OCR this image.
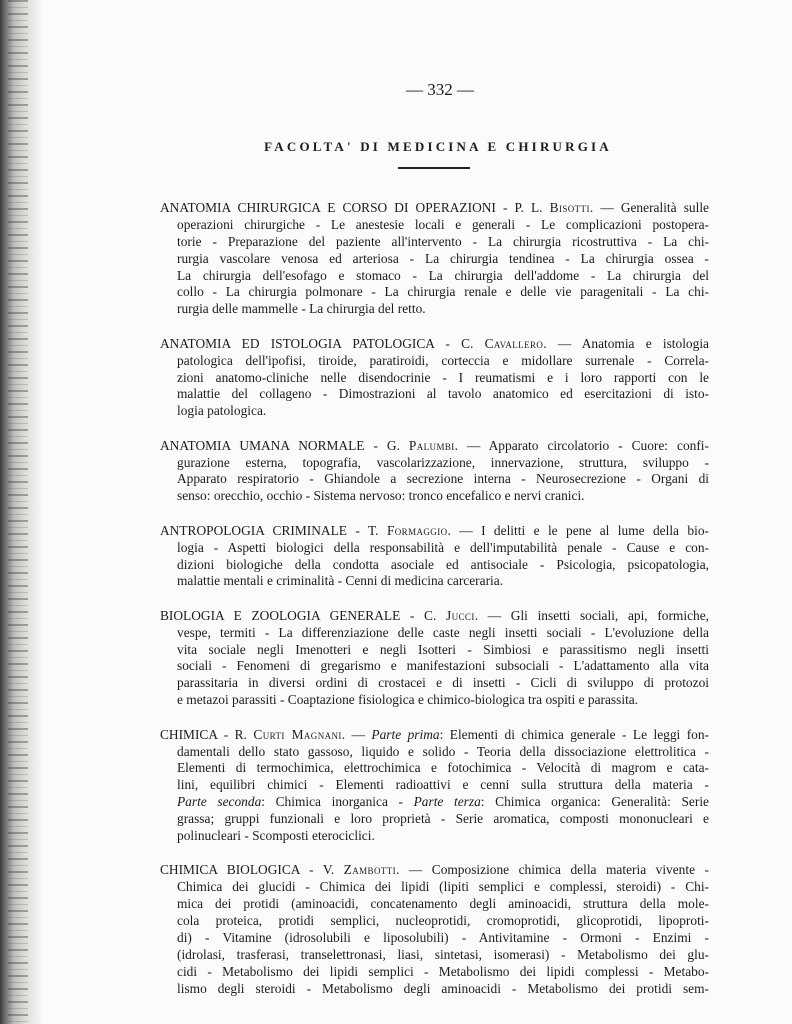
— 332 —
FACOLTA' DI MEDICINA E CHIRURGIA
ANATOMIA CHIRURGICA E CORSO DI OPERAZIONI - P. L. Bisotti. — Generalità sulle
operazioni chirurgiche - Le anestesie locali e generali - Le complicazioni postopera-
torie - Preparazione del paziente all'intervento - La chirurgia ricostruttiva - La chi-
rurgia vascolare venosa ed arteriosa - La chirurgia tendinea - La chirurgia ossea -
La chirurgia dell'esofago e stomaco - La chirurgia dell'addome - La chirurgia del
collo - La chirurgia polmonare - La chirurgia renale e delle vie paragenitali - La chi-
rurgia delle mammelle - La chirurgia del retto.
ANATOMIA ED ISTOLOGIA PATOLOGICA - C. Cavallero. — Anatomia e istologia
patologica dell'ipofisi, tiroide, paratiroidi, corteccia e midollare surrenale - Correla-
zioni anatomo-cliniche nelle disendocrinie - I reumatismi e i loro rapporti con le
malattie del collageno - Dimostrazioni al tavolo anatomico ed esercitazioni di isto-
logia patologica.
ANATOMIA UMANA NORMALE - G. Palumbi. — Apparato circolatorio - Cuore: confi-
gurazione esterna, topografia, vascolarizzazione, innervazione, struttura, sviluppo -
Apparato respiratorio - Ghiandole a secrezione interna - Neurosecrezione - Organi di
senso: orecchio, occhio - Sistema nervoso: tronco encefalico e nervi cranici.
ANTROPOLOGIA CRIMINALE - T. Formaggio. — I delitti e le pene al lume della bio-
logia - Aspetti biologici della responsabilità e dell'imputabilità penale - Cause e con-
dizioni biologiche della condotta asociale ed antisociale - Psicologia, psicopatologia,
malattie mentali e criminalità - Cenni di medicina carceraria.
BIOLOGIA E ZOOLOGIA GENERALE - C. Jucci. — Gli insetti sociali, api, formiche,
vespe, termiti - La differenziazione delle caste negli insetti sociali - L'evoluzione della
vita sociale negli Imenotteri e negli Isotteri - Simbiosi e parassitismo negli insetti
sociali - Fenomeni di gregarismo e manifestazioni subsociali - L'adattamento alla vita
parassitaria in diversi ordini di crostacei e di insetti - Cicli di sviluppo di protozoi
e metazoi parassiti - Coaptazione fisiologica e chimico-biologica tra ospiti e parassita.
CHIMICA - R. Curti Magnani. — Parte prima: Elementi di chimica generale - Le leggi fon-
damentali dello stato gassoso, liquido e solido - Teoria della dissociazione elettrolitica -
Elementi di termochimica, elettrochimica e fotochimica - Velocità di magrom e cata-
lini, equilibri chimici - Elementi radioattivi e cenni sulla struttura della materia -
Parte seconda: Chimica inorganica - Parte terza: Chimica organica: Generalità: Serie
grassa; gruppi funzionali e loro proprietà - Serie aromatica, composti mononucleari e
polinucleari - Scomposti eterociclici.
CHIMICA BIOLOGICA - V. Zambotti. — Composizione chimica della materia vivente -
Chimica dei glucidi - Chimica dei lipidi (lipiti semplici e complessi, steroidi) - Chi-
mica dei protidi (aminoacidi, concatenamento degli aminoacidi, struttura della mole-
cola proteica, protidi semplici, nucleoprotidi, cromoprotidi, glicoprotidi, lipoproti-
di) - Vitamine (idrosolubili e liposolubili) - Antivitamine - Ormoni - Enzimi -
(idrolasi, trasferasi, transelettronasi, liasi, sintetasi, isomerasi) - Metabolismo dei glu-
cidi - Metabolismo dei lipidi semplici - Metabolismo dei lipidi complessi - Metabo-
lismo degli steroidi - Metabolismo degli aminoacidi - Metabolismo dei protidi sem-
